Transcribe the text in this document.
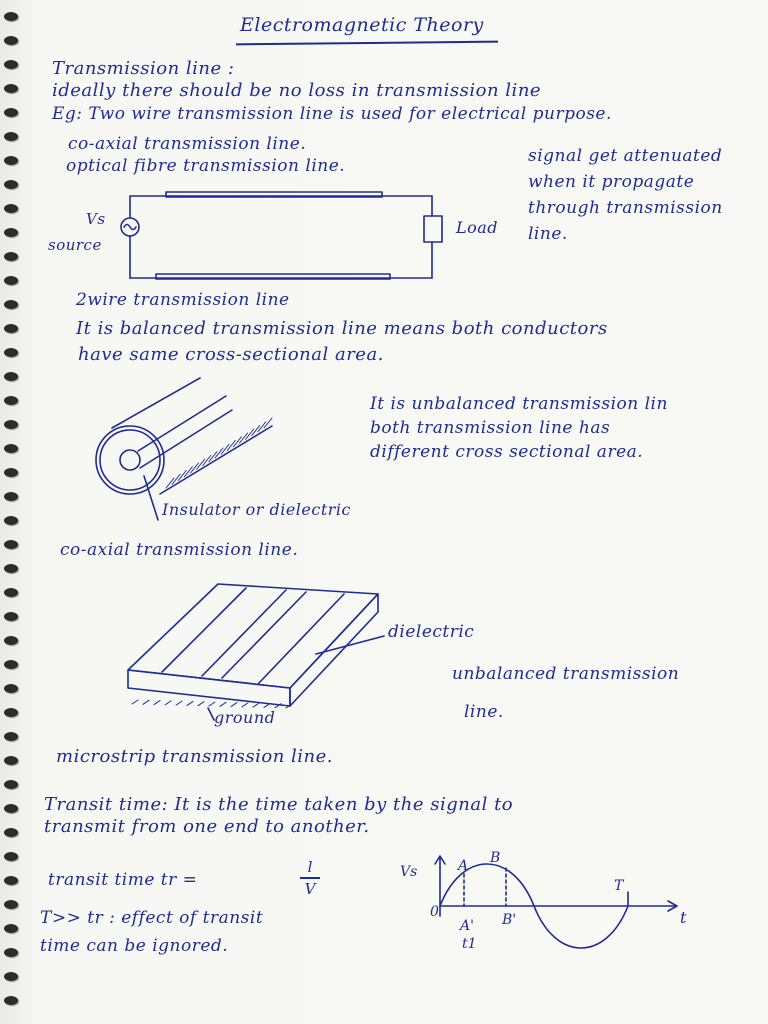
Electromagnetic Theory
Transmission line :
ideally there should be no loss in transmission line
Eg: Two wire transmission line is used for electrical purpose.
co-axial transmission line.
optical fibre transmission line.	signal get attenuated
when it propagate
through transmission
line.
Vs
source
Load
2wire transmission line
It is balanced transmission line means both conductors
have same cross-sectional area.
It is unbalanced transmission lin
both transmission line has
different cross sectional area.
Insulator or dielectric
co-axial transmission line.
dielectric
unbalanced transmission
line.
ground
microstrip transmission line.
Transit time: It is the time taken by the signal to
transmit from one end to another.
transit time tr =
l
V
T>> tr : effect of transit
time can be ignored.
Vs
0
A B
T
A' B'
t1
t
